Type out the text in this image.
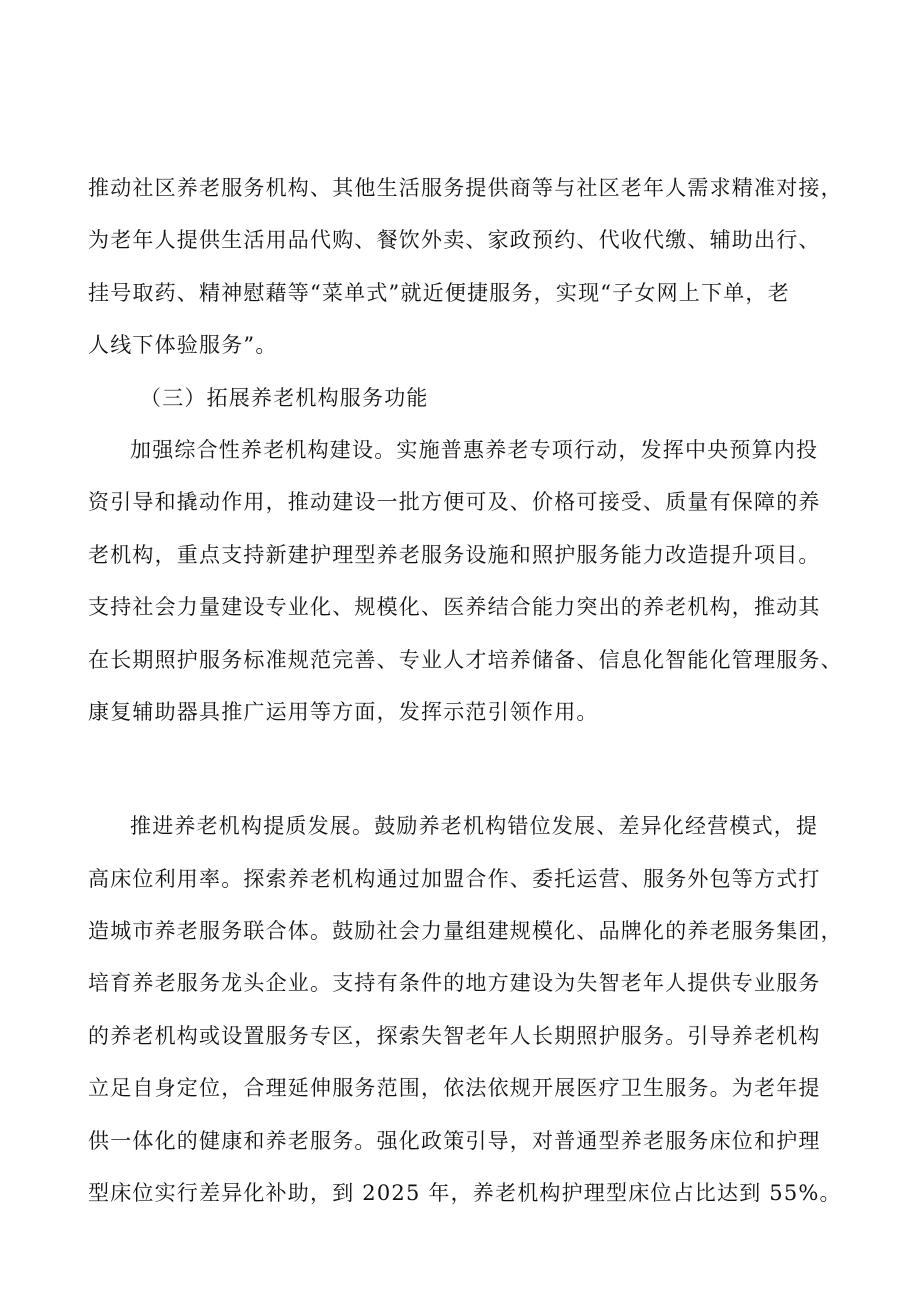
推动社区养老服务机构、其他生活服务提供商等与社区老年人需求精准对接，

为老年人提供生活用品代购、餐饮外卖、家政预约、代收代缴、辅助出行、

挂号取药、精神慰藉等“菜单式”就近便捷服务，实现“子女网上下单，老

人线下体验服务”。

（三）拓展养老机构服务功能

加强综合性养老机构建设。实施普惠养老专项行动，发挥中央预算内投

资引导和撬动作用，推动建设一批方便可及、价格可接受、质量有保障的养

老机构，重点支持新建护理型养老服务设施和照护服务能力改造提升项目。

支持社会力量建设专业化、规模化、医养结合能力突出的养老机构，推动其

在长期照护服务标准规范完善、专业人才培养储备、信息化智能化管理服务、

康复辅助器具推广运用等方面，发挥示范引领作用。

推进养老机构提质发展。鼓励养老机构错位发展、差异化经营模式，提

高床位利用率。探索养老机构通过加盟合作、委托运营、服务外包等方式打

造城市养老服务联合体。鼓励社会力量组建规模化、品牌化的养老服务集团，

培育养老服务龙头企业。支持有条件的地方建设为失智老年人提供专业服务

的养老机构或设置服务专区，探索失智老年人长期照护服务。引导养老机构

立足自身定位，合理延伸服务范围，依法依规开展医疗卫生服务。为老年提

供一体化的健康和养老服务。强化政策引导，对普通型养老服务床位和护理

型床位实行差异化补助，到 2025 年，养老机构护理型床位占比达到 55%。
